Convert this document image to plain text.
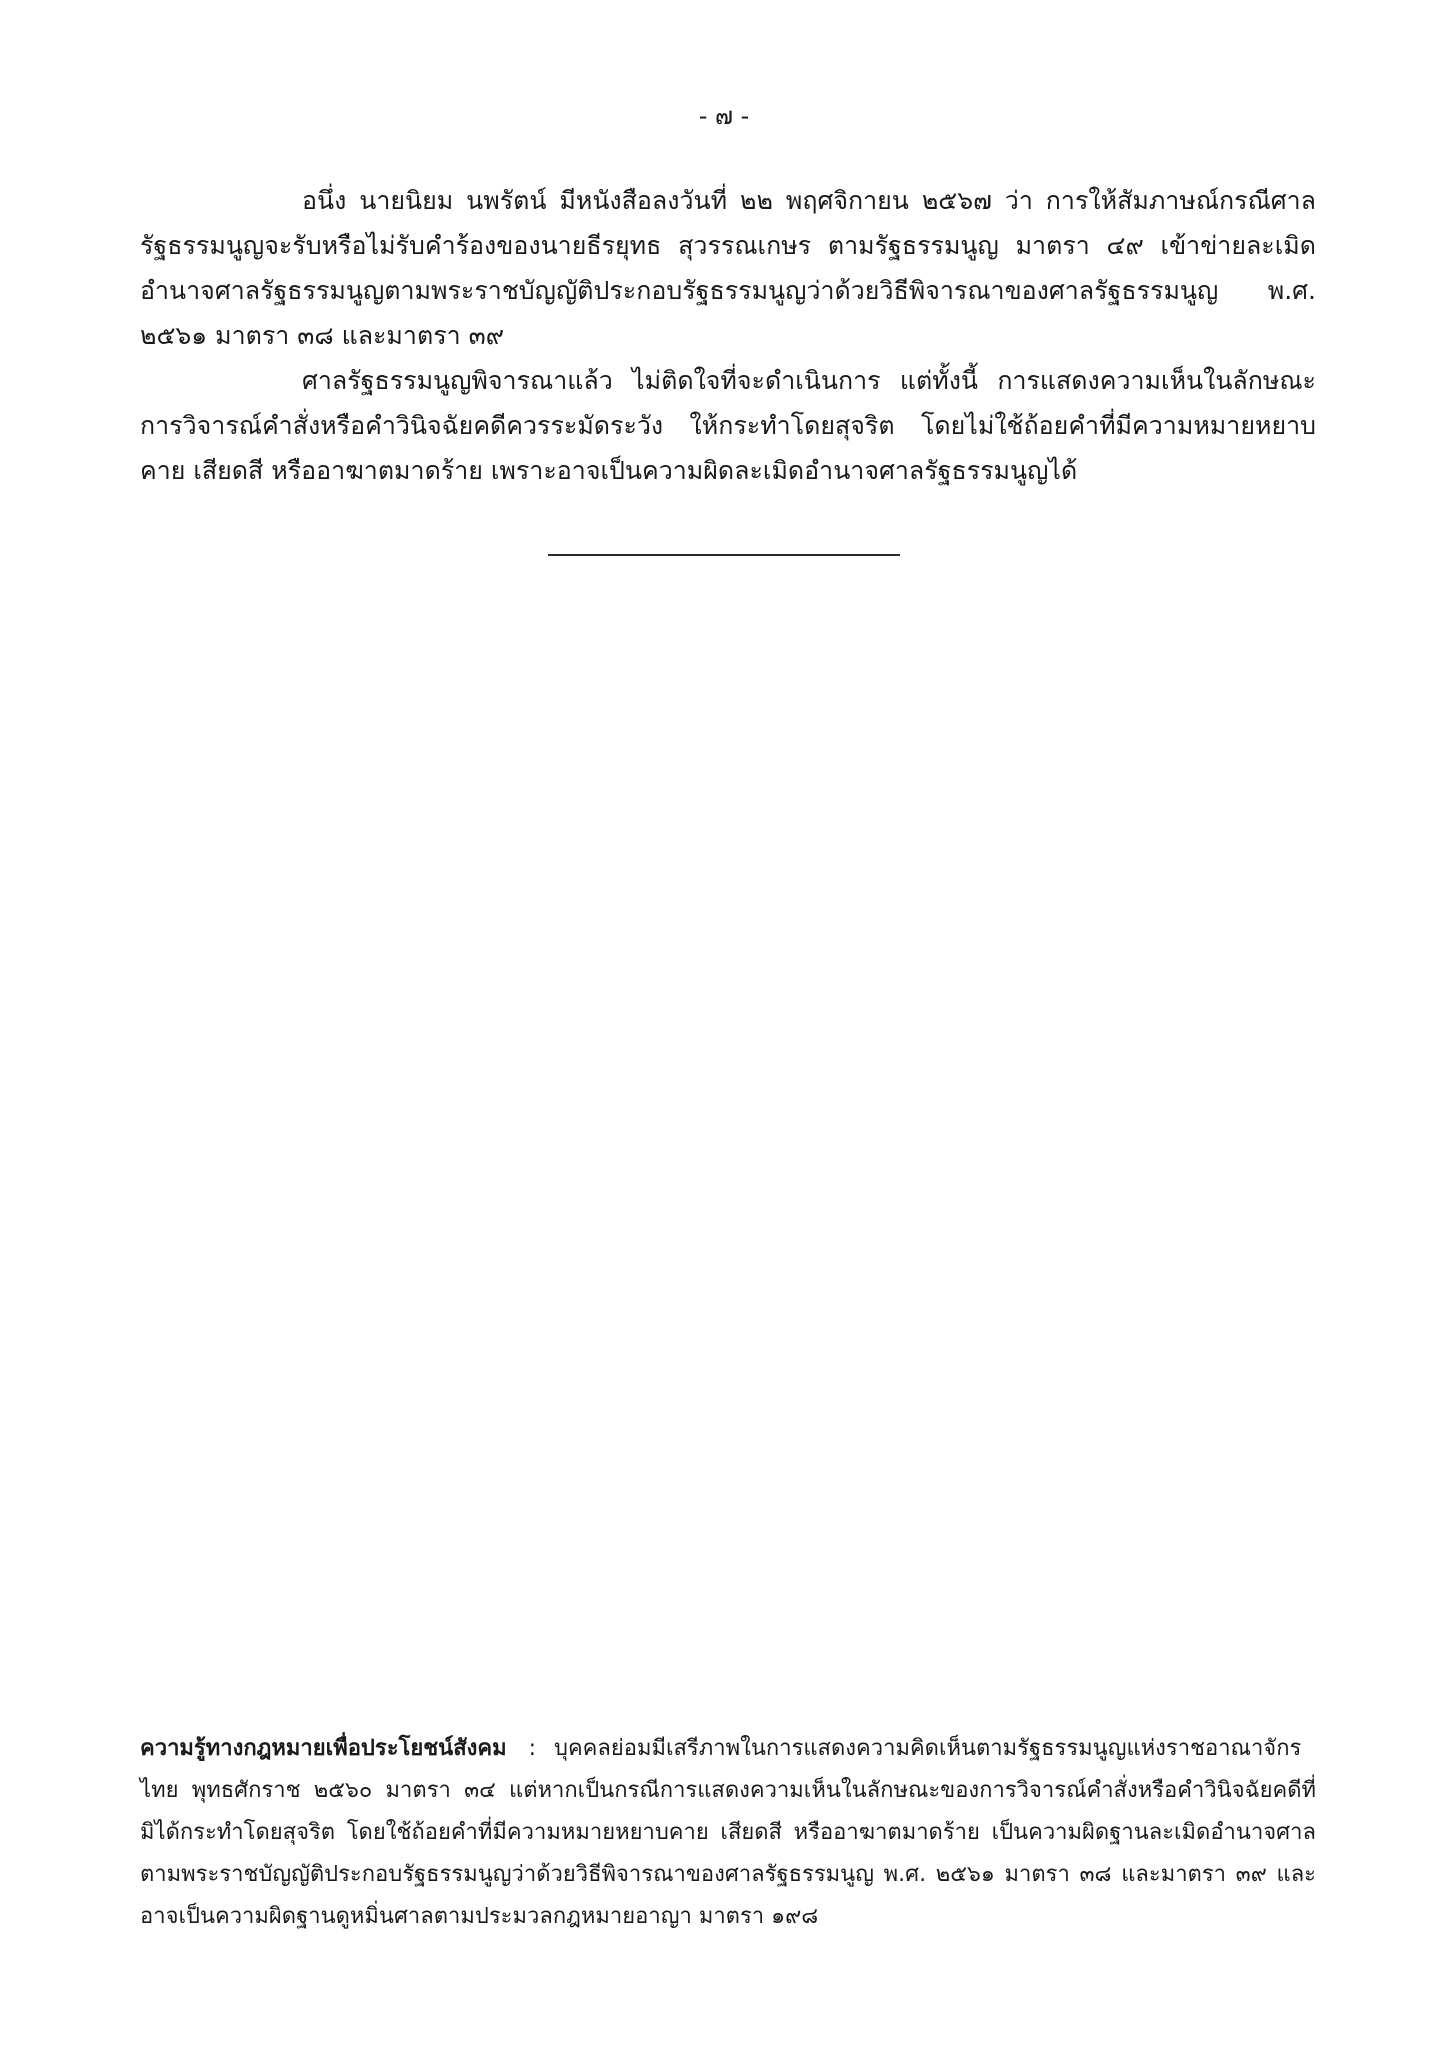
- ๗ -

อนึ่ง นายนิยม นพรัตน์ มีหนังสือลงวันที่ ๒๒ พฤศจิกายน ๒๕๖๗ ว่า การให้สัมภาษณ์กรณีศาลรัฐธรรมนูญจะรับหรือไม่รับคำร้องของนายธีรยุทธ สุวรรณเกษร ตามรัฐธรรมนูญ มาตรา ๔๙ เข้าข่ายละเมิดอำนาจศาลรัฐธรรมนูญตามพระราชบัญญัติประกอบรัฐธรรมนูญว่าด้วยวิธีพิจารณาของศาลรัฐธรรมนูญ พ.ศ. ๒๕๖๑ มาตรา ๓๘ และมาตรา ๓๙

ศาลรัฐธรรมนูญพิจารณาแล้ว ไม่ติดใจที่จะดำเนินการ แต่ทั้งนี้ การแสดงความเห็นในลักษณะการวิจารณ์คำสั่งหรือคำวินิจฉัยคดีควรระมัดระวัง ให้กระทำโดยสุจริต โดยไม่ใช้ถ้อยคำที่มีความหมายหยาบคาย เสียดสี หรืออาฆาตมาดร้าย เพราะอาจเป็นความผิดละเมิดอำนาจศาลรัฐธรรมนูญได้

ความรู้ทางกฎหมายเพื่อประโยชน์สังคม : บุคคลย่อมมีเสรีภาพในการแสดงความคิดเห็นตามรัฐธรรมนูญแห่งราชอาณาจักรไทย พุทธศักราช ๒๕๖๐ มาตรา ๓๔ แต่หากเป็นกรณีการแสดงความเห็นในลักษณะของการวิจารณ์คำสั่งหรือคำวินิจฉัยคดีที่มิได้กระทำโดยสุจริต โดยใช้ถ้อยคำที่มีความหมายหยาบคาย เสียดสี หรืออาฆาตมาดร้าย เป็นความผิดฐานละเมิดอำนาจศาลตามพระราชบัญญัติประกอบรัฐธรรมนูญว่าด้วยวิธีพิจารณาของศาลรัฐธรรมนูญ พ.ศ. ๒๕๖๑ มาตรา ๓๘ และมาตรา ๓๙ และอาจเป็นความผิดฐานดูหมิ่นศาลตามประมวลกฎหมายอาญา มาตรา ๑๙๘
